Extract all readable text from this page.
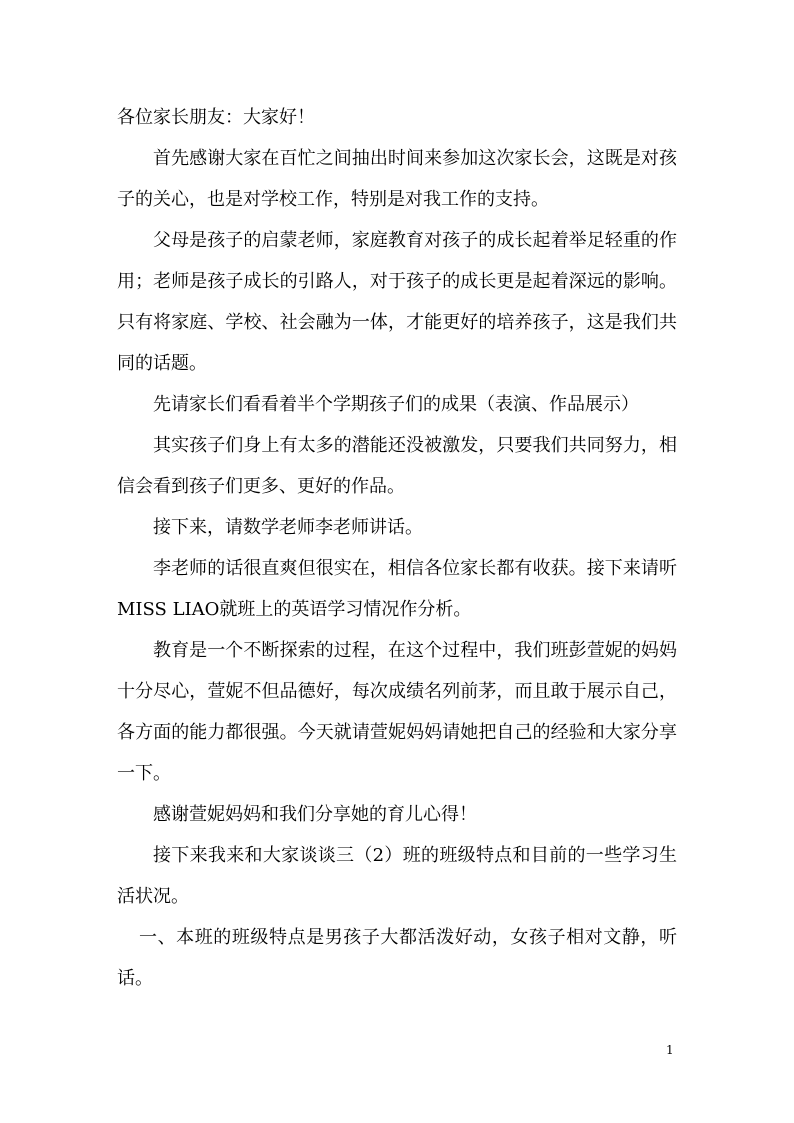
各位家长朋友：大家好！

首先感谢大家在百忙之间抽出时间来参加这次家长会，这既是对孩子的关心，也是对学校工作，特别是对我工作的支持。

父母是孩子的启蒙老师，家庭教育对孩子的成长起着举足轻重的作用；老师是孩子成长的引路人，对于孩子的成长更是起着深远的影响。只有将家庭、学校、社会融为一体，才能更好的培养孩子，这是我们共同的话题。

先请家长们看看着半个学期孩子们的成果（表演、作品展示）

其实孩子们身上有太多的潜能还没被激发，只要我们共同努力，相信会看到孩子们更多、更好的作品。

接下来，请数学老师李老师讲话。

李老师的话很直爽但很实在，相信各位家长都有收获。接下来请听MISS LIAO就班上的英语学习情况作分析。

教育是一个不断探索的过程，在这个过程中，我们班彭萱妮的妈妈十分尽心，萱妮不但品德好，每次成绩名列前茅，而且敢于展示自己，各方面的能力都很强。今天就请萱妮妈妈请她把自己的经验和大家分享一下。

感谢萱妮妈妈和我们分享她的育儿心得！

接下来我来和大家谈谈三（2）班的班级特点和目前的一些学习生活状况。

一、本班的班级特点是男孩子大都活泼好动，女孩子相对文静，听话。

1
